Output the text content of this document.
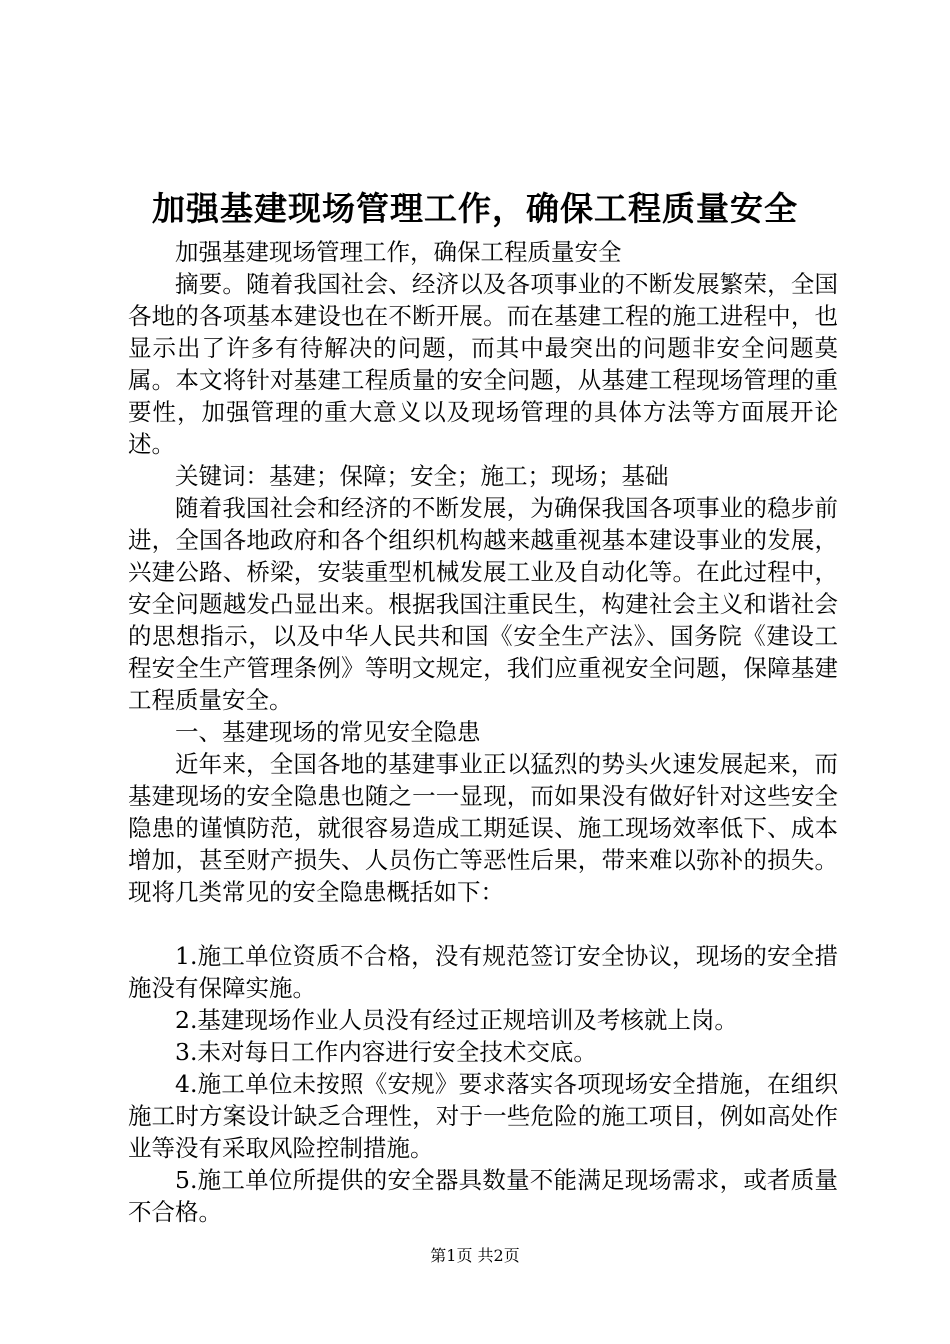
加强基建现场管理工作，确保工程质量安全

加强基建现场管理工作，确保工程质量安全

摘要。随着我国社会、经济以及各项事业的不断发展繁荣，全国各地的各项基本建设也在不断开展。而在基建工程的施工进程中，也显示出了许多有待解决的问题，而其中最突出的问题非安全问题莫属。本文将针对基建工程质量的安全问题，从基建工程现场管理的重要性，加强管理的重大意义以及现场管理的具体方法等方面展开论述。

关键词：基建；保障；安全；施工；现场；基础

随着我国社会和经济的不断发展，为确保我国各项事业的稳步前进，全国各地政府和各个组织机构越来越重视基本建设事业的发展，兴建公路、桥梁，安装重型机械发展工业及自动化等。在此过程中，安全问题越发凸显出来。根据我国注重民生，构建社会主义和谐社会的思想指示，以及中华人民共和国《安全生产法》、国务院《建设工程安全生产管理条例》等明文规定，我们应重视安全问题，保障基建工程质量安全。

一、基建现场的常见安全隐患

近年来，全国各地的基建事业正以猛烈的势头火速发展起来，而基建现场的安全隐患也随之一一显现，而如果没有做好针对这些安全隐患的谨慎防范，就很容易造成工期延误、施工现场效率低下、成本增加，甚至财产损失、人员伤亡等恶性后果，带来难以弥补的损失。现将几类常见的安全隐患概括如下：

1.施工单位资质不合格，没有规范签订安全协议，现场的安全措施没有保障实施。

2.基建现场作业人员没有经过正规培训及考核就上岗。

3.未对每日工作内容进行安全技术交底。

4.施工单位未按照《安规》要求落实各项现场安全措施，在组织施工时方案设计缺乏合理性，对于一些危险的施工项目，例如高处作业等没有采取风险控制措施。

5.施工单位所提供的安全器具数量不能满足现场需求，或者质量不合格。

第1页 共2页
